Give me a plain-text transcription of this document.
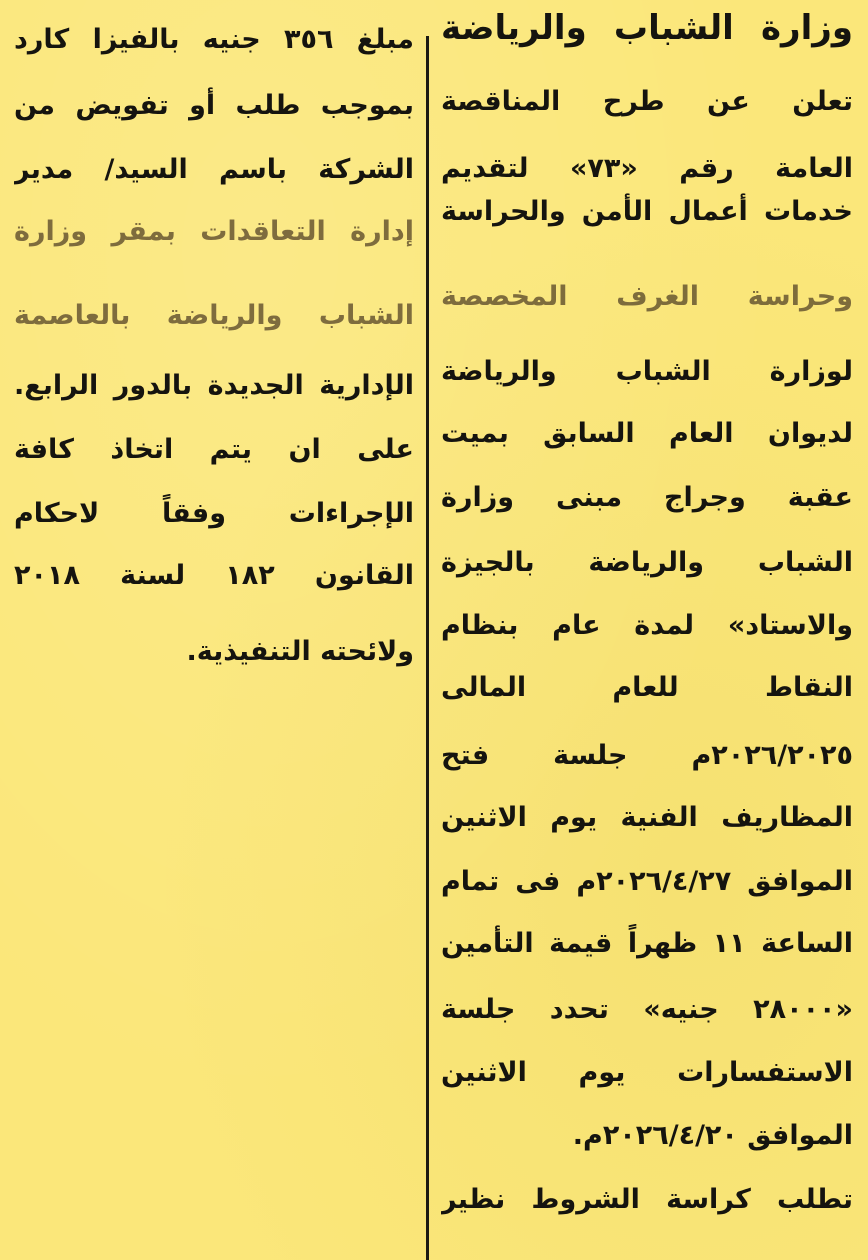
وزارة الشباب والرياضة
تعلن عن طرح المناقصة
العامة رقم «٧٣» لتقديم
خدمات أعمال الأمن والحراسة
وحراسة الغرف المخصصة
لوزارة الشباب والرياضة
لديوان العام السابق بميت
عقبة وجراج مبنى وزارة
الشباب والرياضة بالجيزة
والاستاد» لمدة عام بنظام
النقاط للعام المالى
٢٠٢٦/٢٠٢٥م جلسة فتح
المظاريف الفنية يوم الاثنين
الموافق ٢٠٢٦/٤/٢٧م فى تمام
الساعة ١١ ظهراً قيمة التأمين
«٢٨٠٠٠ جنيه» تحدد جلسة
الاستفسارات يوم الاثنين
الموافق ٢٠٢٦/٤/٢٠م.
تطلب كراسة الشروط نظير
مبلغ ٣٥٦ جنيه بالفيزا كارد
بموجب طلب أو تفويض من
الشركة باسم السيد/ مدير
إدارة التعاقدات بمقر وزارة
الشباب والرياضة بالعاصمة
الإدارية الجديدة بالدور الرابع.
على ان يتم اتخاذ كافة
الإجراءات وفقاً لاحكام
القانون ١٨٢ لسنة ٢٠١٨
ولائحته التنفيذية.
